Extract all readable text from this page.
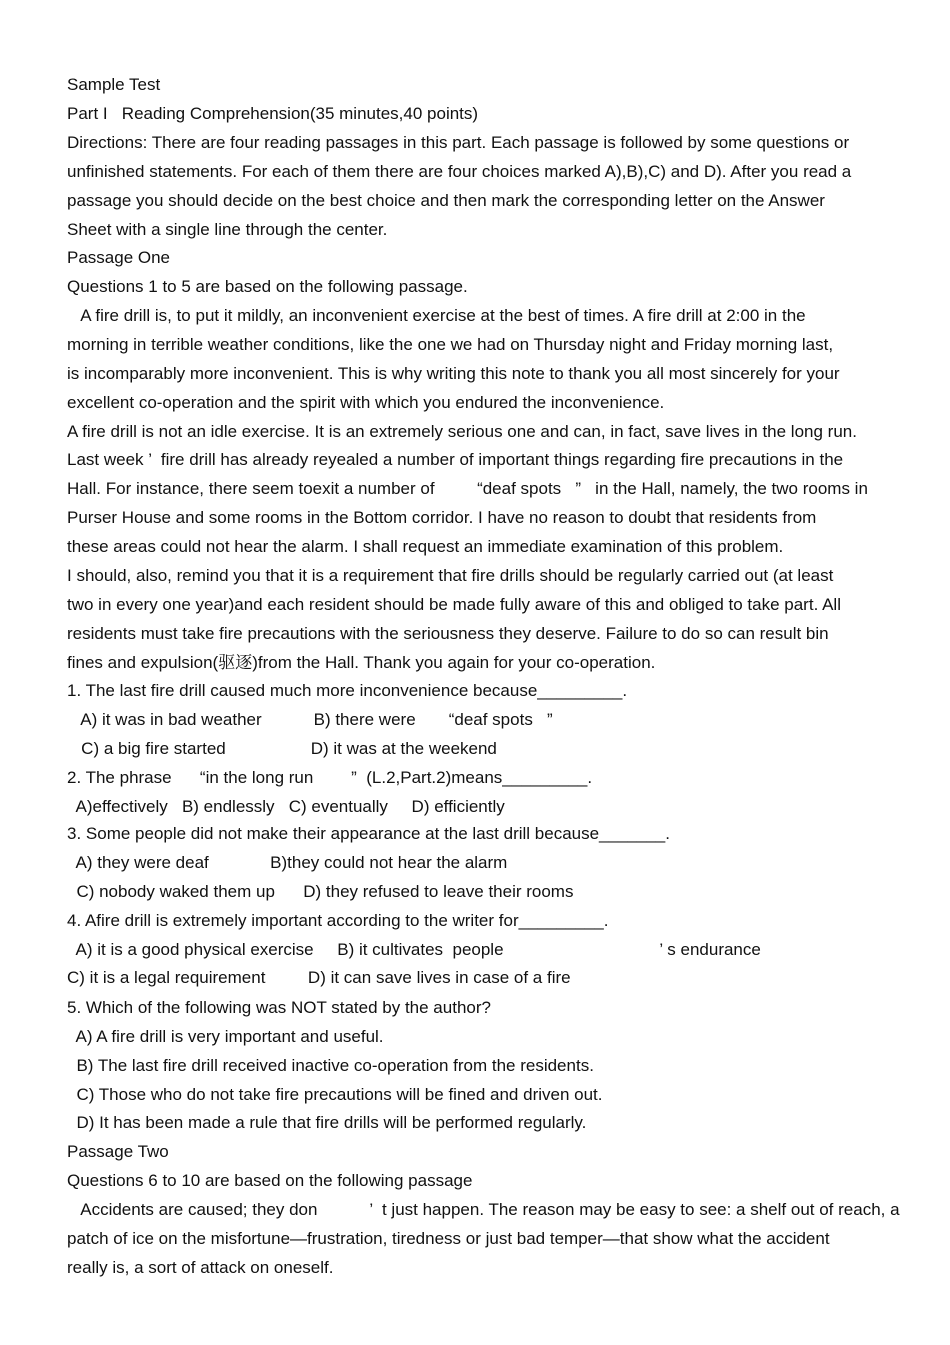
Sample Test
Part I   Reading Comprehension(35 minutes,40 points)
Directions: There are four reading passages in this part. Each passage is followed by some questions or
unfinished statements. For each of them there are four choices marked A),B),C) and D). After you read a
passage you should decide on the best choice and then mark the corresponding letter on the Answer
Sheet with a single line through the center.
Passage One
Questions 1 to 5 are based on the following passage.
A fire drill is, to put it mildly, an inconvenient exercise at the best of times. A fire drill at 2:00 in the
morning in terrible weather conditions, like the one we had on Thursday night and Friday morning last,
is incomparably more inconvenient. This is why writing this note to thank you all most sincerely for your
excellent co-operation and the spirit with which you endured the inconvenience.
A fire drill is not an idle exercise. It is an extremely serious one and can, in fact, save lives in the long run.
Last week ’  fire drill has already reyealed a number of important things regarding fire precautions in the
Hall. For instance, there seem toexit a number of         “deaf spots   ”   in the Hall, namely, the two rooms in
Purser House and some rooms in the Bottom corridor. I have no reason to doubt that residents from
these areas could not hear the alarm. I shall request an immediate examination of this problem.
I should, also, remind you that it is a requirement that fire drills should be regularly carried out (at least
two in every one year)and each resident should be made fully aware of this and obliged to take part. All
residents must take fire precautions with the seriousness they deserve. Failure to do so can result bin
fines and expulsion(驱逐)from the Hall. Thank you again for your co-operation.
1. The last fire drill caused much more inconvenience because_________.
A) it was in bad weather           B) there were       “deaf spots   ”
C) a big fire started                  D) it was at the weekend
2. The phrase      “in the long run        ”  (L.2,Part.2)means_________.
A)effectively   B) endlessly   C) eventually     D) efficiently
3. Some people did not make their appearance at the last drill because_______.
A) they were deaf             B)they could not hear the alarm
C) nobody waked them up      D) they refused to leave their rooms
4. Afire drill is extremely important according to the writer for_________.
A) it is a good physical exercise     B) it cultivates  people                                 ’ s endurance
C) it is a legal requirement         D) it can save lives in case of a fire
5. Which of the following was NOT stated by the author?
A) A fire drill is very important and useful.
B) The last fire drill received inactive co-operation from the residents.
C) Those who do not take fire precautions will be fined and driven out.
D) It has been made a rule that fire drills will be performed regularly.
Passage Two
Questions 6 to 10 are based on the following passage
Accidents are caused; they don           ’  t just happen. The reason may be easy to see: a shelf out of reach, a
patch of ice on the misfortune—frustration, tiredness or just bad temper—that show what the accident
really is, a sort of attack on oneself.
